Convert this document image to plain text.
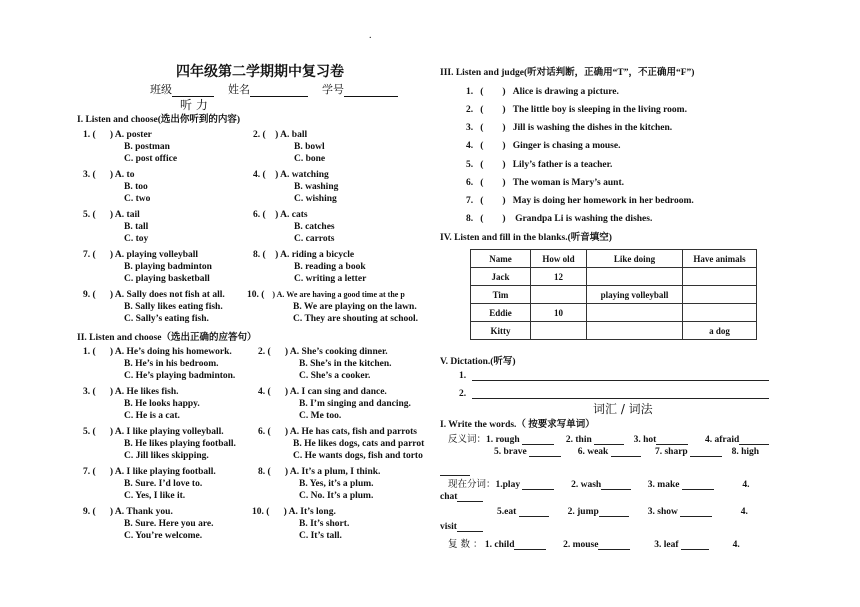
.
四年级第二学期期中复习卷
班级	姓名	学号
听 力
I. Listen and choose(选出你听到的内容)
1. ( ) A. poster
B. postman
C. post office
2. ( ) A. ball
B. bowl
C. bone
3. ( ) A. to
B. too
C. two
4. ( ) A. watching
B. washing
C. wishing
5. ( ) A. tail
B. tall
C. toy
6. ( ) A. cats
B. catches
C. carrots
7. ( ) A. playing volleyball
B. playing badminton
C. playing basketball
8. ( ) A. riding a bicycle
B. reading a book
C. writing a letter
9. ( ) A. Sally does not fish at all.
B. Sally likes eating fish.
C. Sally’s eating fish.
10. ( ) A. We are having a good time at the p
B. We are playing on the lawn.
C. They are shouting at school.
II. Listen and choose（选出正确的应答句）
1. ( ) A. He’s doing his homework.
B. He’s in his bedroom.
C. He’s playing badminton.
2. ( ) A. She’s cooking dinner.
B. She’s in the kitchen.
C. She’s a cooker.
3. ( ) A. He likes fish.
B. He looks happy.
C. He is a cat.
4. ( ) A. I can sing and dance.
B. I’m singing and dancing.
C. Me too.
5. ( ) A. I like playing volleyball.
B. He likes playing football.
C. Jill likes skipping.
6. ( ) A. He has cats, fish and parrots
B. He likes dogs, cats and parrot
C. He wants dogs, fish and torto
7. ( ) A. I like playing football.
B. Sure. I’d love to.
C. Yes, I like it.
8. ( ) A. It’s a plum, I think.
B. Yes, it’s a plum.
C. No. It’s a plum.
9. ( ) A. Thank you.
B. Sure. Here you are.
C. You’re welcome.
10. ( ) A. It’s long.
B. It’s short.
C. It’s tall.
III. Listen and judge(听对话判断，正确用“T”，不正确用“F”)
1. (        ) Alice is drawing a picture.
2. (        ) The little boy is sleeping in the living room.
3. (        ) Jill is washing the dishes in the kitchen.
4. (        ) Ginger is chasing a mouse.
5. (        ) Lily’s father is a teacher.
6. (        ) The woman is Mary’s aunt.
7. (        ) May is doing her homework in her bedroom.
8. (        ) Grandpa Li is washing the dishes.
IV. Listen and fill in the blanks.(听音填空)
Name	How old	Like doing	Have animals
Jack	12		
Tim		playing volleyball	
Eddie	10		
Kitty			a dog
V. Dictation.(听写)
1.
2.
词汇 / 词法
I. Write the words.（ 按要求写单词）
反义词：1. rough	2. thin	3. hot	4. afraid
5. brave	6. weak	7. sharp	8. high
现在分词：1.play	2. wash	3. make	4.
chat
5.eat	2. jump	3. show	4.
visit
复 数 ： 1. child	2. mouse	3. leaf	4.
